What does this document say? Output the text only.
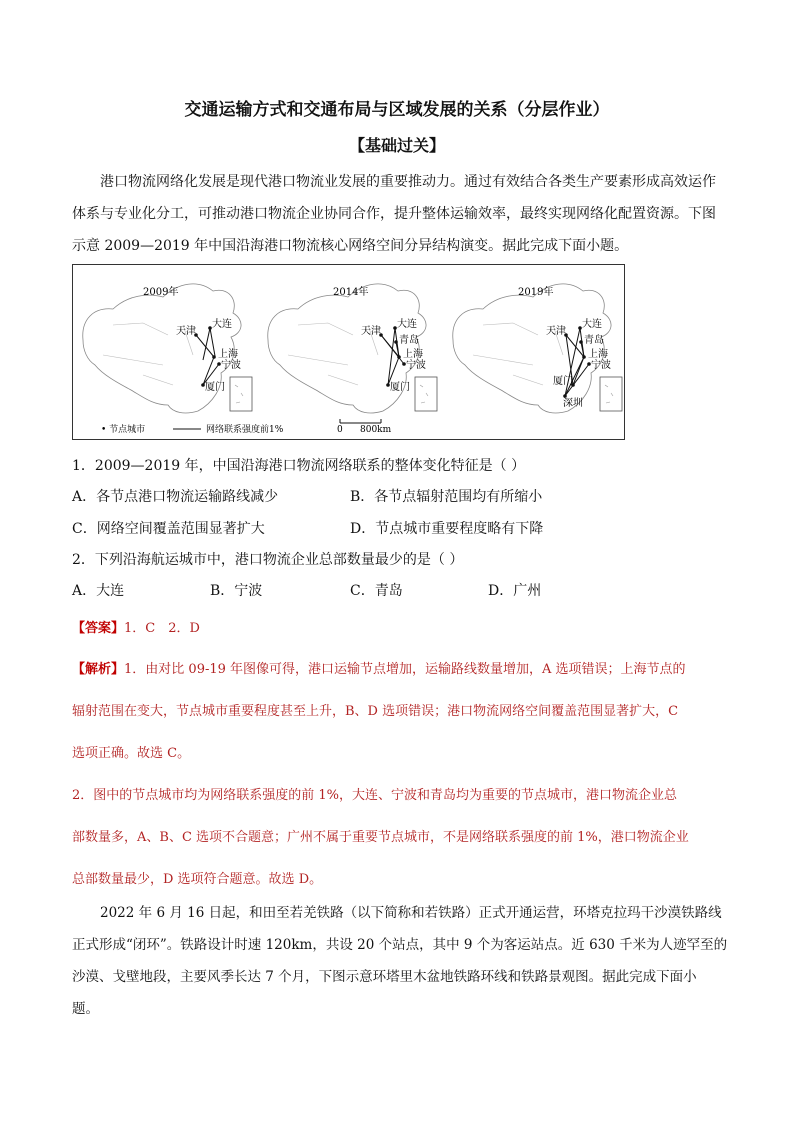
交通运输方式和交通布局与区域发展的关系（分层作业）
【基础过关】
港口物流网络化发展是现代港口物流业发展的重要推动力。通过有效结合各类生产要素形成高效运作
体系与专业化分工，可推动港口物流企业协同合作，提升整体运输效率，最终实现网络化配置资源。下图
示意 2009—2019 年中国沿海港口物流核心网络空间分异结构演变。据此完成下面小题。
2009年
大连
天津
上海
宁波
厦门
2014年
大连
天津
青岛
上海
宁波
厦门
2019年
大连
天津
青岛
上海
宁波
厦门
深圳
• 节点城市	网络联系强度前1%	0 800km
1．2009—2019 年，中国沿海港口物流网络联系的整体变化特征是（ ）
A．各节点港口物流运输路线减少	B．各节点辐射范围均有所缩小
C．网络空间覆盖范围显著扩大	D．节点城市重要程度略有下降
2．下列沿海航运城市中，港口物流企业总部数量最少的是（ ）
A．大连	B．宁波	C．青岛	D．广州
【答案】1．C　2．D
【解析】1．由对比 09-19 年图像可得，港口运输节点增加，运输路线数量增加，A 选项错误；上海节点的
辐射范围在变大，节点城市重要程度甚至上升，B、D 选项错误；港口物流网络空间覆盖范围显著扩大，C
选项正确。故选 C。
2．图中的节点城市均为网络联系强度的前 1%，大连、宁波和青岛均为重要的节点城市，港口物流企业总
部数量多，A、B、C 选项不合题意；广州不属于重要节点城市，不是网络联系强度的前 1%，港口物流企业
总部数量最少，D 选项符合题意。故选 D。
2022 年 6 月 16 日起，和田至若羌铁路（以下简称和若铁路）正式开通运营，环塔克拉玛干沙漠铁路线
正式形成“闭环”。铁路设计时速 120km，共设 20 个站点，其中 9 个为客运站点。近 630 千米为人迹罕至的
沙漠、戈壁地段，主要风季长达 7 个月，下图示意环塔里木盆地铁路环线和铁路景观图。据此完成下面小
题。
